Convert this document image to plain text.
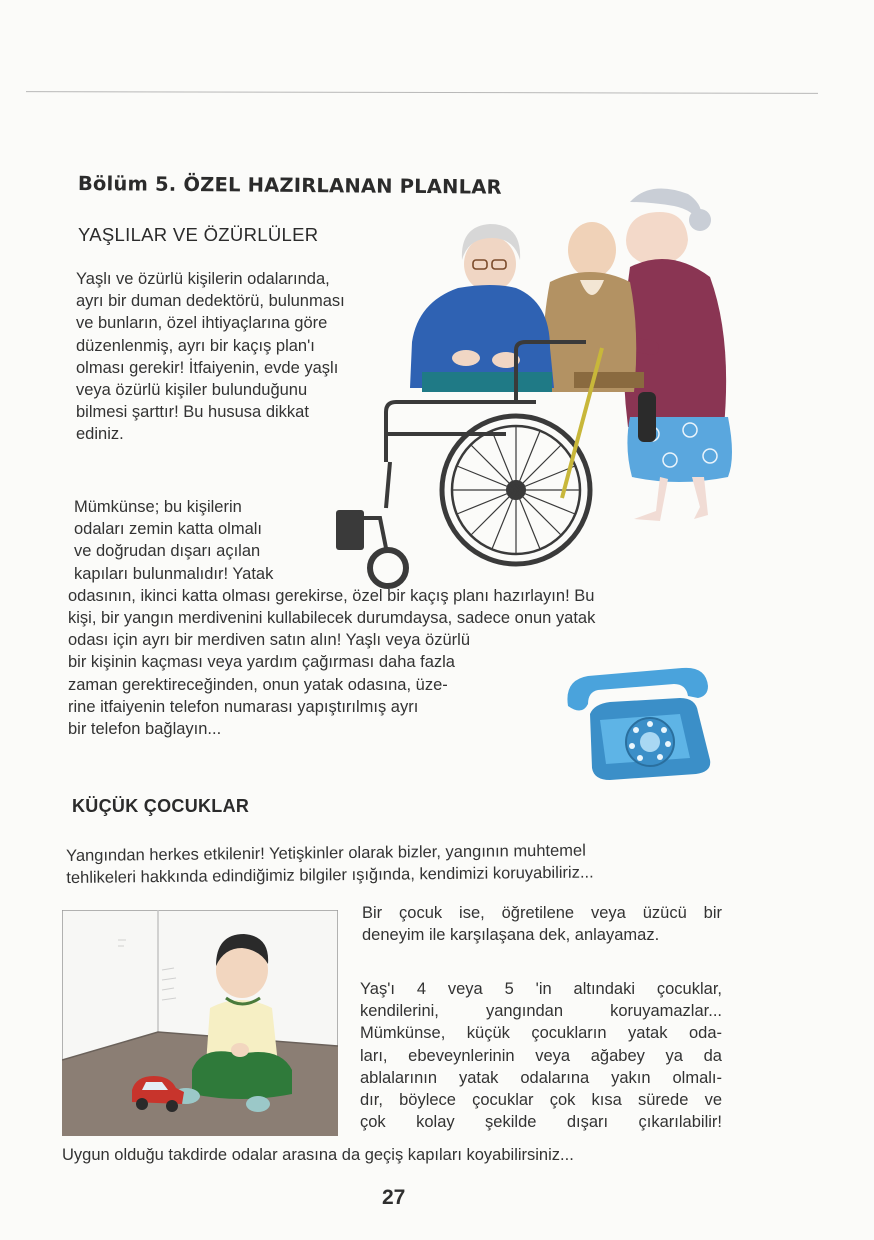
Bölüm 5. ÖZEL HAZIRLANAN PLANLAR
YAŞLILAR VE ÖZÜRLÜLER
Yaşlı ve özürlü kişilerin odalarında,
ayrı bir duman dedektörü, bulunması
ve bunların, özel ihtiyaçlarına göre
düzenlenmiş, ayrı bir kaçış plan'ı
olması gerekir! İtfaiyenin, evde yaşlı
veya özürlü kişiler bulunduğunu
bilmesi şarttır! Bu hususa dikkat
ediniz.
Mümkünse; bu kişilerin
odaları zemin katta olmalı
ve doğrudan dışarı açılan
kapıları bulunmalıdır! Yatak
odasının, ikinci katta olması gerekirse, özel bir kaçış planı hazırlayın! Bu
kişi, bir yangın merdivenini kullabilecek durumdaysa, sadece onun yatak
odası için ayrı bir merdiven satın alın! Yaşlı veya özürlü
bir kişinin kaçması veya yardım çağırması daha fazla
zaman gerektireceğinden, onun yatak odasına, üze-
rine itfaiyenin telefon numarası yapıştırılmış ayrı
bir telefon bağlayın...
KÜÇÜK ÇOCUKLAR
Yangından herkes etkilenir! Yetişkinler olarak bizler, yangının muhtemel
tehlikeleri hakkında edindiğimiz bilgiler ışığında, kendimizi koruyabiliriz...
Bir çocuk ise, öğretilene veya üzücü bir
deneyim ile karşılaşana dek, anlayamaz.
Yaş'ı 4 veya 5 'in altındaki çocuklar,
kendilerini, yangından koruyamazlar...
Mümkünse, küçük çocukların yatak oda-
ları, ebeveynlerinin veya ağabey ya da
ablalarının yatak odalarına yakın olmalı-
dır, böylece çocuklar çok kısa sürede ve
çok kolay şekilde dışarı çıkarılabilir!
Uygun olduğu takdirde odalar arasına da geçiş kapıları koyabilirsiniz...
27
